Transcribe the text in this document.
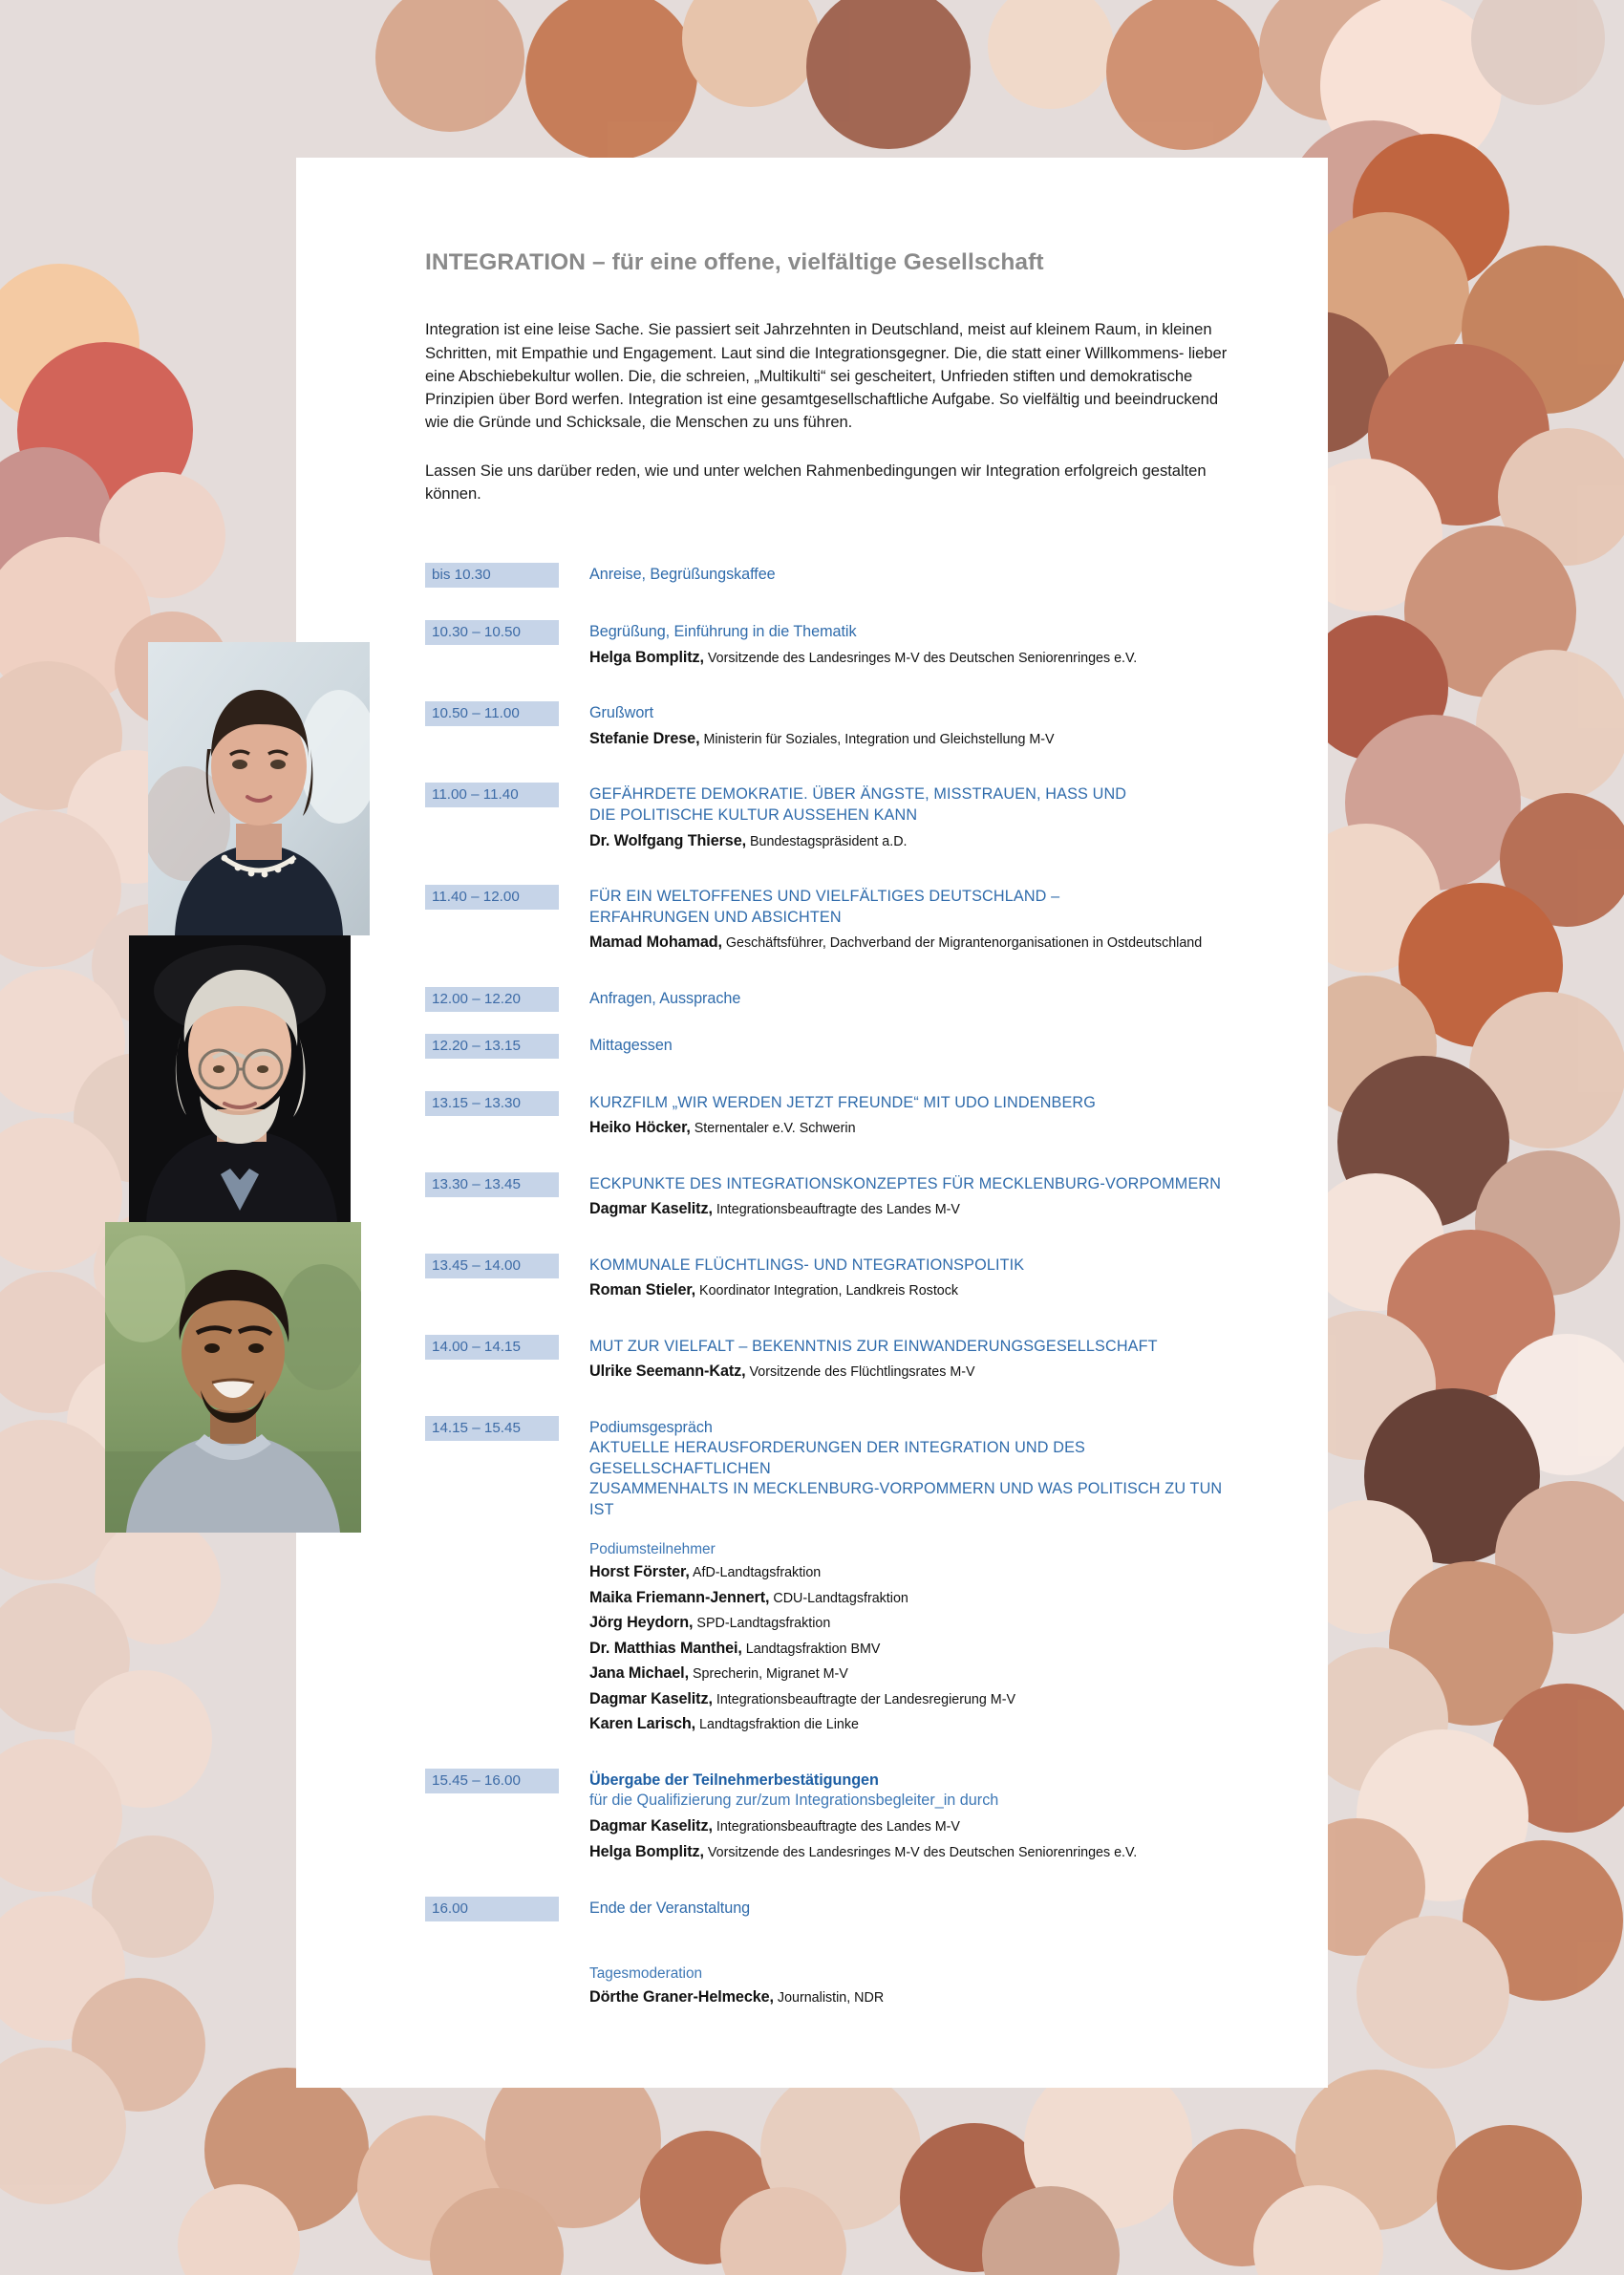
INTEGRATION – für eine offene, vielfältige Gesellschaft

Integration ist eine leise Sache. Sie passiert seit Jahrzehnten in Deutschland, meist auf kleinem Raum, in kleinen Schritten, mit Empathie und Engagement. Laut sind die Integrationsgegner. Die, die statt einer Willkommens- lieber eine Abschiebekultur wollen. Die, die schreien, „Multikulti“ sei gescheitert, Unfrieden stiften und demokratische Prinzipien über Bord werfen. Integration ist eine gesamtgesellschaftliche Aufgabe. So vielfältig und beeindruckend wie die Gründe und Schicksale, die Menschen zu uns führen.

Lassen Sie uns darüber reden, wie und unter welchen Rahmenbedingungen wir Integration erfolgreich gestalten können.

bis 10.30	Anreise, Begrüßungskaffee
10.30 – 10.50	Begrüßung, Einführung in die Thematik
Helga Bomplitz, Vorsitzende des Landesringes M-V des Deutschen Seniorenringes e.V.
10.50 – 11.00	Grußwort
Stefanie Drese, Ministerin für Soziales, Integration und Gleichstellung M-V
11.00 – 11.40	GEFÄHRDETE DEMOKRATIE. ÜBER ÄNGSTE, MISSTRAUEN, HASS UND
DIE POLITISCHE KULTUR AUSSEHEN KANN
Dr. Wolfgang Thierse, Bundestagspräsident a.D.
11.40 – 12.00	FÜR EIN WELTOFFENES UND VIELFÄLTIGES DEUTSCHLAND –
ERFAHRUNGEN UND ABSICHTEN
Mamad Mohamad, Geschäftsführer, Dachverband der Migrantenorganisationen in Ostdeutschland
12.00 – 12.20	Anfragen, Aussprache
12.20 – 13.15	Mittagessen
13.15 – 13.30	KURZFILM „WIR WERDEN JETZT FREUNDE“ MIT UDO LINDENBERG
Heiko Höcker, Sternentaler e.V. Schwerin
13.30 – 13.45	ECKPUNKTE DES INTEGRATIONSKONZEPTES FÜR MECKLENBURG-VORPOMMERN
Dagmar Kaselitz, Integrationsbeauftragte des Landes M-V
13.45 – 14.00	KOMMUNALE FLÜCHTLINGS- UND NTEGRATIONSPOLITIK
Roman Stieler, Koordinator Integration, Landkreis Rostock
14.00 – 14.15	MUT ZUR VIELFALT – BEKENNTNIS ZUR EINWANDERUNGSGESELLSCHAFT
Ulrike Seemann-Katz, Vorsitzende des Flüchtlingsrates M-V
14.15 – 15.45	Podiumsgespräch
AKTUELLE HERAUSFORDERUNGEN DER INTEGRATION UND DES GESELLSCHAFTLICHEN
ZUSAMMENHALTS IN MECKLENBURG-VORPOMMERN UND WAS POLITISCH ZU TUN IST
Podiumsteilnehmer
Horst Förster, AfD-Landtagsfraktion
Maika Friemann-Jennert, CDU-Landtagsfraktion
Jörg Heydorn, SPD-Landtagsfraktion
Dr. Matthias Manthei, Landtagsfraktion BMV
Jana Michael, Sprecherin, Migranet M-V
Dagmar Kaselitz, Integrationsbeauftragte der Landesregierung M-V
Karen Larisch, Landtagsfraktion die Linke
15.45 – 16.00	Übergabe der Teilnehmerbestätigungen
für die Qualifizierung zur/zum Integrationsbegleiter_in durch
Dagmar Kaselitz, Integrationsbeauftragte des Landes M-V
Helga Bomplitz, Vorsitzende des Landesringes M-V des Deutschen Seniorenringes e.V.
16.00	Ende der Veranstaltung
Tagesmoderation
Dörthe Graner-Helmecke, Journalistin, NDR
